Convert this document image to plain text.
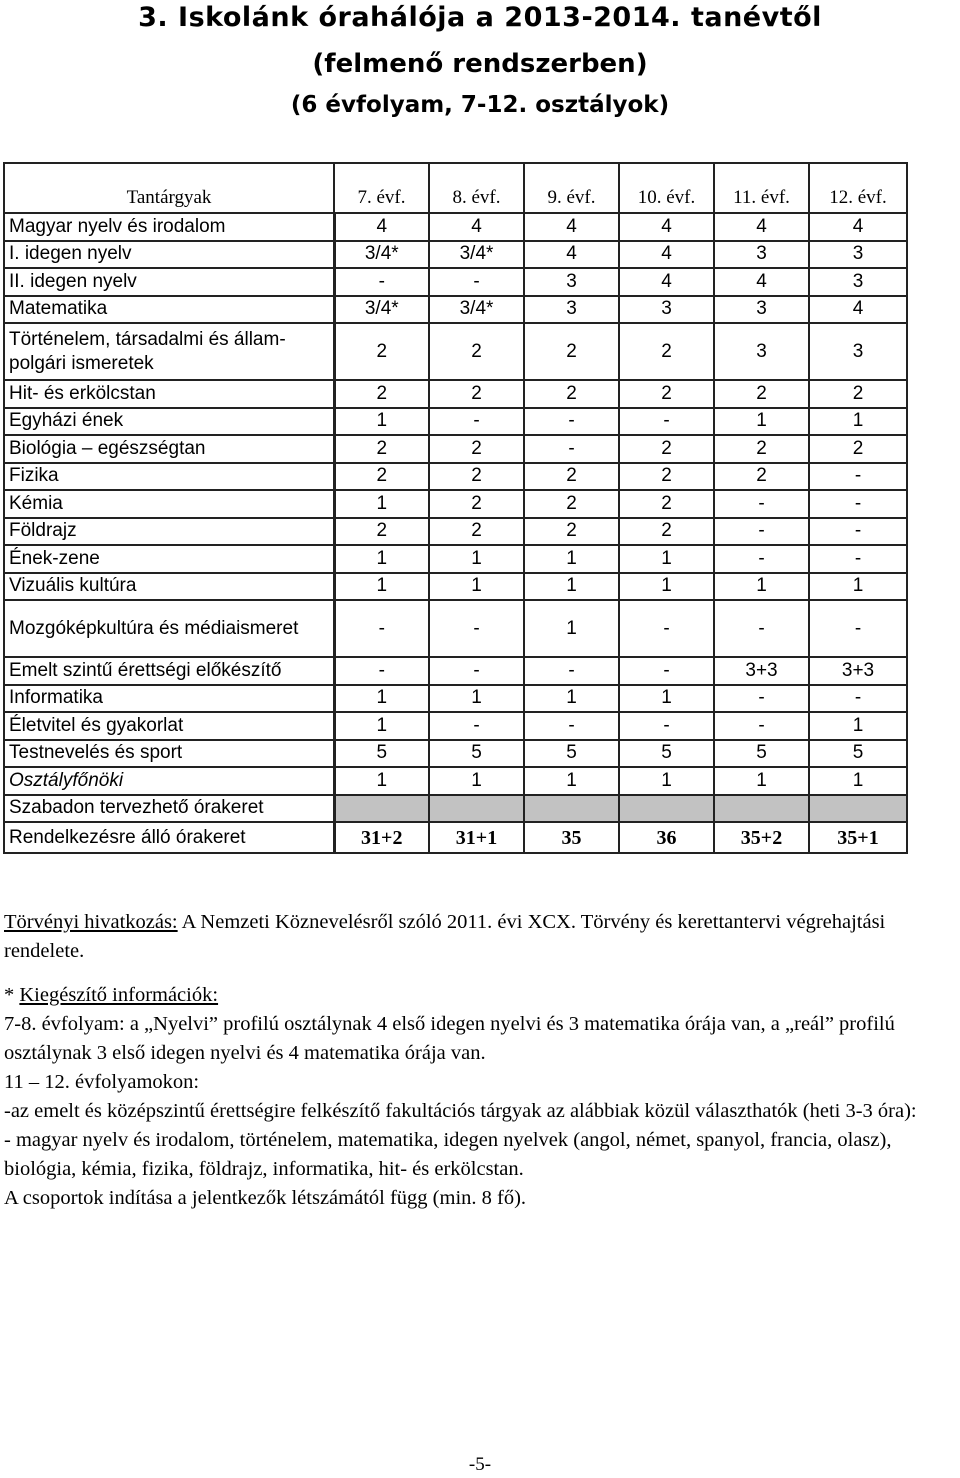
3. Iskolánk órahálója a 2013-2014. tanévtől
(felmenő rendszerben)
(6 évfolyam, 7-12. osztályok)
Tantárgyak	7. évf.	8. évf.	9. évf.	10. évf.	11. évf.	12. évf.
Magyar nyelv és irodalom	4	4	4	4	4	4
I. idegen nyelv	3/4*	3/4*	4	4	3	3
II. idegen nyelv	-	-	3	4	4	3
Matematika	3/4*	3/4*	3	3	3	4
Történelem, társadalmi és állampolgári ismeretek	2	2	2	2	3	3
Hit- és erkölcstan	2	2	2	2	2	2
Egyházi ének	1	-	-	-	1	1
Biológia – egészségtan	2	2	-	2	2	2
Fizika	2	2	2	2	2	-
Kémia	1	2	2	2	-	-
Földrajz	2	2	2	2	-	-
Ének-zene	1	1	1	1	-	-
Vizuális kultúra	1	1	1	1	1	1
Mozgóképkultúra és médiaismeret	-	-	1	-	-	-
Emelt szintű érettségi előkészítő	-	-	-	-	3+3	3+3
Informatika	1	1	1	1	-	-
Életvitel és gyakorlat	1	-	-	-	-	1
Testnevelés és sport	5	5	5	5	5	5
Osztályfőnöki	1	1	1	1	1	1
Szabadon tervezhető órakeret						
Rendelkezésre álló órakeret	31+2	31+1	35	36	35+2	35+1

Törvényi hivatkozás: A Nemzeti Köznevelésről szóló 2011. évi XCX. Törvény és kerettantervi végrehajtási rendelete.

* Kiegészítő információk:

7-8. évfolyam: a „Nyelvi” profilú osztálynak 4 első idegen nyelvi és 3 matematika órája van, a „reál” profilú osztálynak 3 első idegen nyelvi és 4 matematika órája van.

11 – 12. évfolyamokon:

-az emelt és középszintű érettségire felkészítő fakultációs tárgyak az alábbiak közül választhatók (heti 3-3 óra):

- magyar nyelv és irodalom, történelem, matematika, idegen nyelvek (angol, német, spanyol, francia, olasz), biológia, kémia, fizika, földrajz, informatika, hit- és erkölcstan.

A csoportok indítása a jelentkezők létszámától függ (min. 8 fő).

-5-
